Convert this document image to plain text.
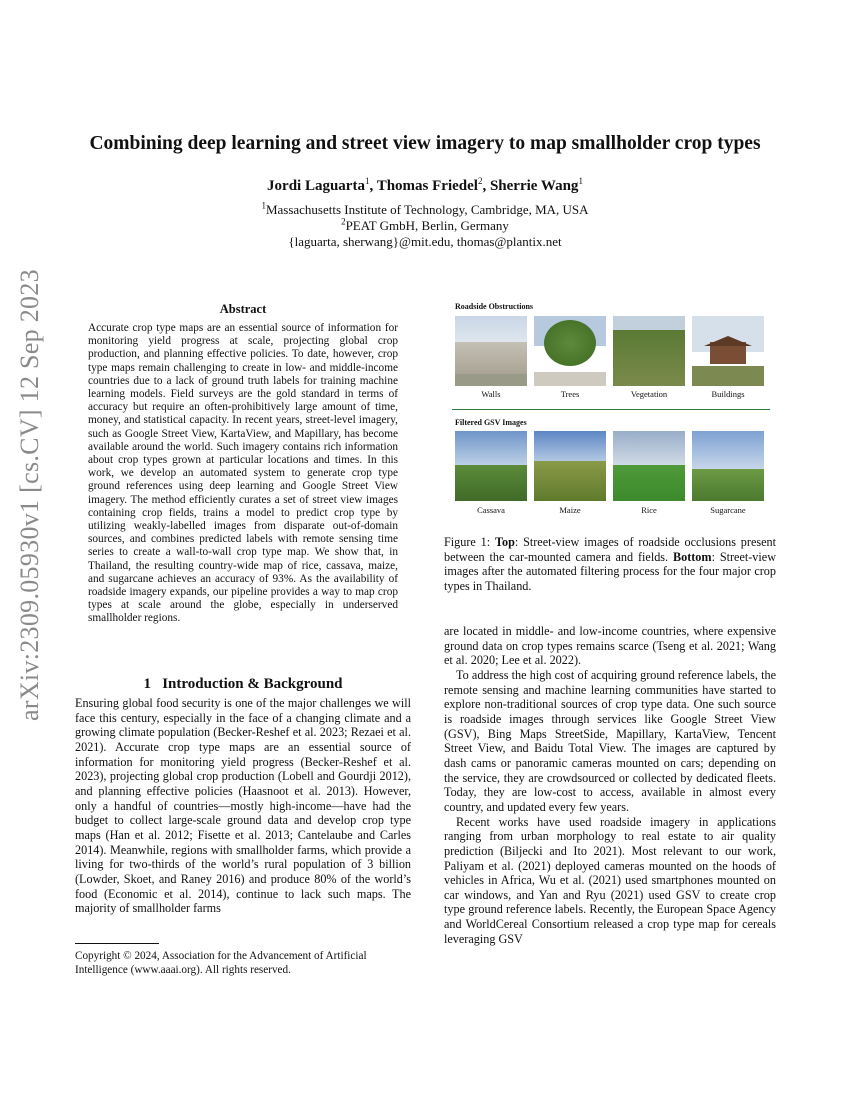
arXiv:2309.05930v1 [cs.CV] 12 Sep 2023
Combining deep learning and street view imagery to map smallholder crop types
Jordi Laguarta$^1$, Thomas Friedel$^2$, Sherrie Wang$^1$
$^1$Massachusetts Institute of Technology, Cambridge, MA, USA
$^2$PEAT GmbH, Berlin, Germany
{laguarta, sherwang}@mit.edu, thomas@plantix.net
Abstract
Accurate crop type maps are an essential source of information for monitoring yield progress at scale, projecting global crop production, and planning effective policies. To date, however, crop type maps remain challenging to create in low- and middle-income countries due to a lack of ground truth labels for training machine learning models. Field surveys are the gold standard in terms of accuracy but require an often-prohibitively large amount of time, money, and statistical capacity. In recent years, street-level imagery, such as Google Street View, KartaView, and Mapillary, has become available around the world. Such imagery contains rich information about crop types grown at particular locations and times. In this work, we develop an automated system to generate crop type ground references using deep learning and Google Street View imagery. The method efficiently curates a set of street view images containing crop fields, trains a model to predict crop type by utilizing weakly-labelled images from disparate out-of-domain sources, and combines predicted labels with remote sensing time series to create a wall-to-wall crop type map. We show that, in Thailand, the resulting country-wide map of rice, cassava, maize, and sugarcane achieves an accuracy of 93%. As the availability of roadside imagery expands, our pipeline provides a way to map crop types at scale around the globe, especially in underserved smallholder regions.
1 Introduction & Background
Ensuring global food security is one of the major challenges we will face this century, especially in the face of a changing climate and a growing climate population (Becker-Reshef et al. 2023; Rezaei et al. 2021). Accurate crop type maps are an essential source of information for monitoring yield progress (Becker-Reshef et al. 2023), projecting global crop production (Lobell and Gourdji 2012), and planning effective policies (Haasnoot et al. 2013). However, only a handful of countries—mostly high-income—have had the budget to collect large-scale ground data and develop crop type maps (Han et al. 2012; Fisette et al. 2013; Cantelaube and Carles 2014). Meanwhile, regions with smallholder farms, which provide a living for two-thirds of the world’s rural population of 3 billion (Lowder, Skoet, and Raney 2016) and produce 80% of the world’s food (Economic et al. 2014), continue to lack such maps. The majority of smallholder farms
Copyright © 2024, Association for the Advancement of Artificial Intelligence (www.aaai.org). All rights reserved.
Roadside Obstructions
Walls	Trees	Vegetation	Buildings
Filtered GSV Images
Cassava	Maize	Rice	Sugarcane
Figure 1: Top: Street-view images of roadside occlusions present between the car-mounted camera and fields. Bottom: Street-view images after the automated filtering process for the four major crop types in Thailand.

are located in middle- and low-income countries, where expensive ground data on crop types remains scarce (Tseng et al. 2021; Wang et al. 2020; Lee et al. 2022).

To address the high cost of acquiring ground reference labels, the remote sensing and machine learning communities have started to explore non-traditional sources of crop type data. One such source is roadside images through services like Google Street View (GSV), Bing Maps StreetSide, Mapillary, KartaView, Tencent Street View, and Baidu Total View. The images are captured by dash cams or panoramic cameras mounted on cars; depending on the service, they are crowdsourced or collected by dedicated fleets. Today, they are low-cost to access, available in almost every country, and updated every few years.

Recent works have used roadside imagery in applications ranging from urban morphology to real estate to air quality prediction (Biljecki and Ito 2021). Most relevant to our work, Paliyam et al. (2021) deployed cameras mounted on the hoods of vehicles in Africa, Wu et al. (2021) used smartphones mounted on car windows, and Yan and Ryu (2021) used GSV to create crop type ground reference labels. Recently, the European Space Agency and WorldCereal Consortium released a crop type map for cereals leveraging GSV
